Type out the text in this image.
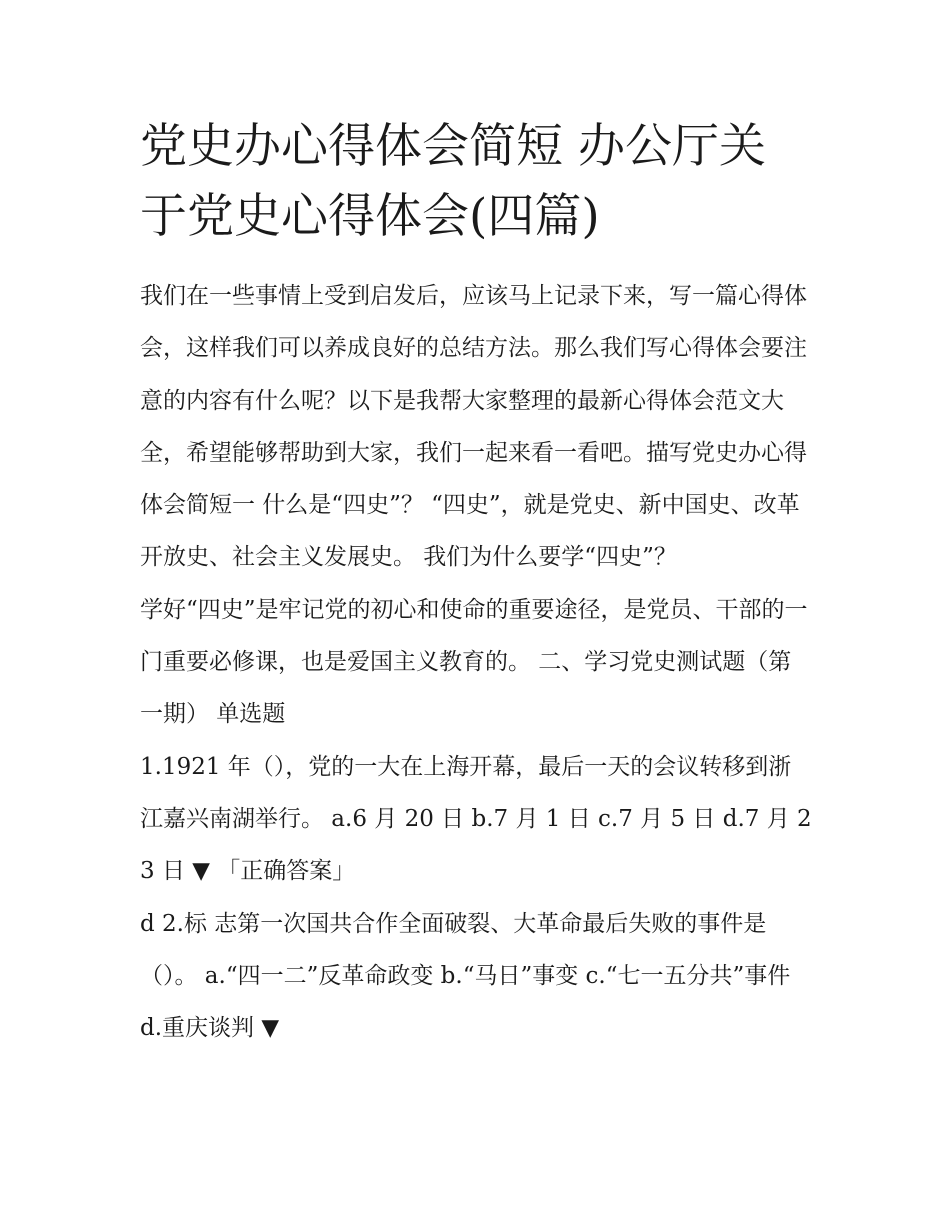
党史办心得体会简短 办公厅关于党史心得体会(四篇)

我们在一些事情上受到启发后，应该马上记录下来，写一篇心得体会，这样我们可以养成良好的总结方法。那么我们写心得体会要注意的内容有什么呢？以下是我帮大家整理的最新心得体会范文大全，希望能够帮助到大家，我们一起来看一看吧。描写党史办心得体会简短一 什么是“四史”？ “四史”，就是党史、新中国史、改革开放史、社会主义发展史。 我们为什么要学“四史”？

学好“四史”是牢记党的初心和使命的重要途径，是党员、干部的一门重要必修课，也是爱国主义教育的。 二、学习党史测试题（第一期） 单选题

1.1921 年（），党的一大在上海开幕，最后一天的会议转移到浙江嘉兴南湖举行。 a.6 月 20 日 b.7 月 1 日 c.7 月 5 日 d.7 月 23 日 ▼ 「正确答案」

d 2.标 志第一次国共合作全面破裂、大革命最后失败的事件是（）。 a.“四一二”反革命政变 b.“马日”事变 c.“七一五分共”事件 d.重庆谈判 ▼
